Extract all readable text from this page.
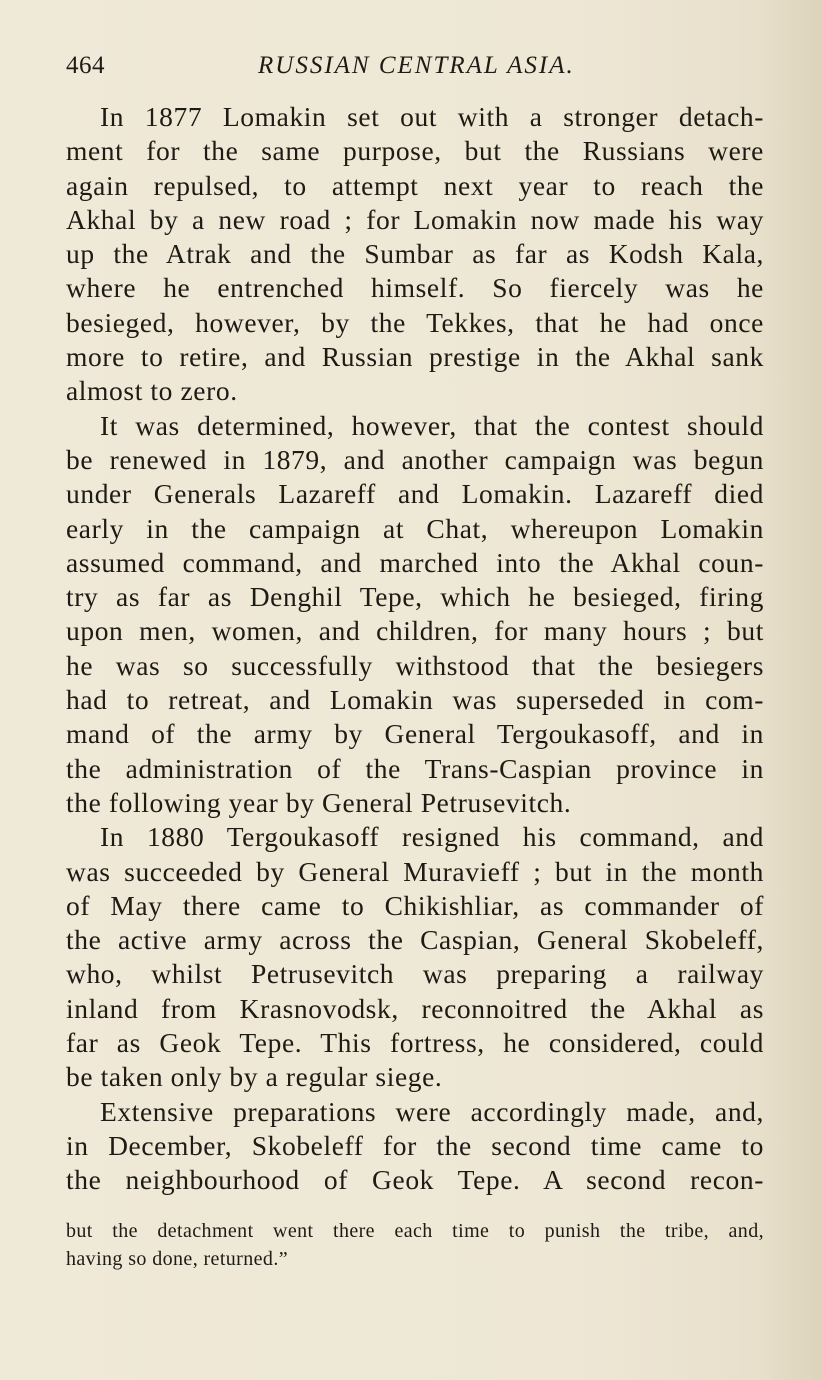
464	RUSSIAN CENTRAL ASIA.
In 1877 Lomakin set out with a stronger detach-
ment for the same purpose, but the Russians were
again repulsed, to attempt next year to reach the
Akhal by a new road ; for Lomakin now made his way
up the Atrak and the Sumbar as far as Kodsh Kala,
where he entrenched himself. So fiercely was he
besieged, however, by the Tekkes, that he had once
more to retire, and Russian prestige in the Akhal sank
almost to zero.
It was determined, however, that the contest should
be renewed in 1879, and another campaign was begun
under Generals Lazareff and Lomakin. Lazareff died
early in the campaign at Chat, whereupon Lomakin
assumed command, and marched into the Akhal coun-
try as far as Denghil Tepe, which he besieged, firing
upon men, women, and children, for many hours ; but
he was so successfully withstood that the besiegers
had to retreat, and Lomakin was superseded in com-
mand of the army by General Tergoukasoff, and in
the administration of the Trans-Caspian province in
the following year by General Petrusevitch.
In 1880 Tergoukasoff resigned his command, and
was succeeded by General Muravieff ; but in the month
of May there came to Chikishliar, as commander of
the active army across the Caspian, General Skobeleff,
who, whilst Petrusevitch was preparing a railway
inland from Krasnovodsk, reconnoitred the Akhal as
far as Geok Tepe. This fortress, he considered, could
be taken only by a regular siege.
Extensive preparations were accordingly made, and,
in December, Skobeleff for the second time came to
the neighbourhood of Geok Tepe. A second recon-
but the detachment went there each time to punish the tribe, and,
having so done, returned.”
